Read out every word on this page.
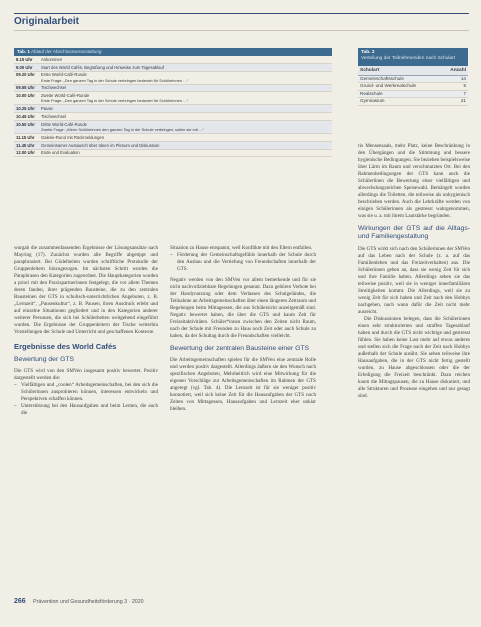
Originalarbeit
Tab. 1 Ablauf der Abschlussveranstaltung
8.15 Uhr	Ankommen
9.00 Uhr	Start des World Cafés, Begrüßung und Hinweise zum Tagesablauf
09.20 Uhr	Erste World-Café-Runde
Erste Frage: „Den ganzen Tag in der Schule verbringen bedeutet für Schülerinnen …“
09.55 Uhr	Tischwechsel
10.00 Uhr	Zweite World-Café-Runde
Erste Frage: „Den ganzen Tag in der Schule verbringen bedeutet für Schülerinnen …“
10.25 Uhr	Pause
10.45 Uhr	Tischwechsel
10.50 Uhr	Dritte World-Café-Runde
Zweite Frage: „Wenn Schülerinnen den ganzen Tag in der Schule verbringen, sollen sie mit …“
11.15 Uhr	Galerie-Rund mit Rückmeldungen
11.45 Uhr	Gemeinsamer Austausch über Ideen im Plenum und Diskussion
12.00 Uhr	Ende und Evaluation
Tab. 2
Verteilung der Teilnehmenden nach Schulart
Schulart	Anzahl
Gemeinschaftsschule	14
Grund- und Werkrealschule	5
Realschule	7
Gymnasium	21

wurgab die zusammenfassenden Ergebnisse der Lösungsansätze nach Mayring (17). Zunächst wurden alle Begriffe abgetippt und paraphrasiert. Bei Gödelbeiten wurden schriftliche Protokolle der Gruppenleitern hinzugezogen. Im nächsten Schritt wurden die Paraphrasen den Kategorien zugeordnet. Die Hauptkategorien wurden a priori mit den Praxispartnerinnen festgelegt, die vor allem Themen deren fanden, ihrer prägenden Bausteine, die zu den zentralen Bausteinen der GTS in schulisch-unterrichtlichen Angeboten, z. B. „Lernzeit“, „Pausenkultur“, z. B. Pausen, ihren Ausdruck erlebt und auf einzelne Situationen gegliedert und in den Kategorien anderer weiterer Personen, die sich bei Schülerbeiten weitgehend eingeführt wurden. Die Ergebnisse der Gruppenleitern der Tische weiterhin Vorstellungen der Schule und Unterricht und geschaffenen Kontexte.

Ergebnisse des World Cafés
Bewertung der GTS

Die GTS wird von den SMVen insgesamt positiv bewertet. Positiv dargestellt werden die:

– Vielfältigen und „coolen“ Arbeitsgemeinschaften, bei den sich die Schülerinnen ausprobieren können, interessen entwickeln und Perspektiven schaffen können.
– Unterstützung bei den Hausaufgaben und beim Lernen, die auch die

Situation zu Hause entspannt, weil Konflikte mit den Eltern entfallen.

– Förderung der Gemeinschaftsgefühls innerhalb der Schule durch den Ausbau und die Vertiefung von Freundschaften innerhalb der GTS.

Negativ werden von den SMVen vor allem bemerkende und für sie nicht nachvollziehbare Regelungen genannt. Dazu gehören Verbote bei der Handynutzung oder dem Verlassen des Schulgeländes, die Teilnahme an Arbeitsgemeinschaften über einen längeren Zeitraum und Regelungen beim Mittagessen, die aus Schülersicht unzeitgemäß sind. Negativ bewertet haben, die über die GTS und kaum Zeit für Freizeitaktivitäten. Schüler*innen zwischen den Zeiten nicht Raum, nach der Schule mit Freunden zu Haus noch Zeit oder auch Schule zu haben, da der Schultag durch die Freundschaften vielleicht.

Bewertung der zentralen Bausteine einer GTS

Die Arbeitsgemeinschaften spielen für die SMVen eine zentrale Rolle und werden positiv dargestellt. Allerdings äußern sie den Wunsch nach spezifischen Angeboten, Mehrheitlich wird eine Mitwirkung für die eigenen Vorschläge zur Arbeitsgemeinschaften im Rahmen der GTS angeregt (vgl. Tab. 4). Die Lernzeit ist für sie weniger positiv konnotiert, weil sich keine Zeit für die Hausaufgaben der GTS noch Zeiten von Mittagessen, Hausaufgaben und Lernzeit eher unklar bleiben.

ris Mensensaals, mehr Platz, keine Beschränkung in den Übergängen und die Stimmung und bessere hygienische Bedingungen. Sie beziehen beispielsweise über Lärm im Raum und verschmutzten Ort. Bei den Rahmenbedingungen der GTS kann auch die Schülerlinen die Bewertung einer vielfältigen und abwechslungsreichen Speisewahl. Bemängelt wurden allerdings die Toiletten, die teilweise als unhygienisch beschrieben werden. Auch die Lehrkräfte werden von einigen Schülerinnen als gestresst wahrgenommen, was sie u. a. mit ihrem Lautstärke begründen.

Wirkungen der GTS auf die Alltags- und Familiengestaltung

Die GTS wirkt sich nach den Schülerinnen der SMVen auf das Leben nach der Schule (z. a. auf das Familienleben und das Freizeitverhalten) aus. Die Schülerinnen geben an, dass sie wenig Zeit für sich und ihre Familie haben. Allerdings sehen sie das teilweise positiv, weil sie in weniger innerfamiliären Streitigkeiten kommt. Die Allerdings, weil sie zu wenig Zeit für sich haben und Zeit nach den Hobbys nachgehen, nach wann dafür die Zeit nicht mehr ausreicht.

Die Diskussionen belegen, dass die Schülerinnen einen sehr strukturierten und straffen Tagesablauf haben und durch die GTS nicht wichtige und gestresst fühlen. Sie haben keine Lust mehr auf etwas anderes und stellen sich die Frage nach der Zeit nach Hobbys außerhalb der Schule ausübt. Sie sehen teilweise ihre Hausaufgaben, die in der GTS nicht fertig gestellt wurden, zu Hause abgeschlossen oder die der Erledigung die Freizeit beschränkt. Dazu reichen kaum die Mittagspausen, die zu Hause diskutiert, und alle Strukturen und Prozesse eingehen und nur gesagt sind.

266 Prävention und Gesundheitsförderung 3 · 2020
